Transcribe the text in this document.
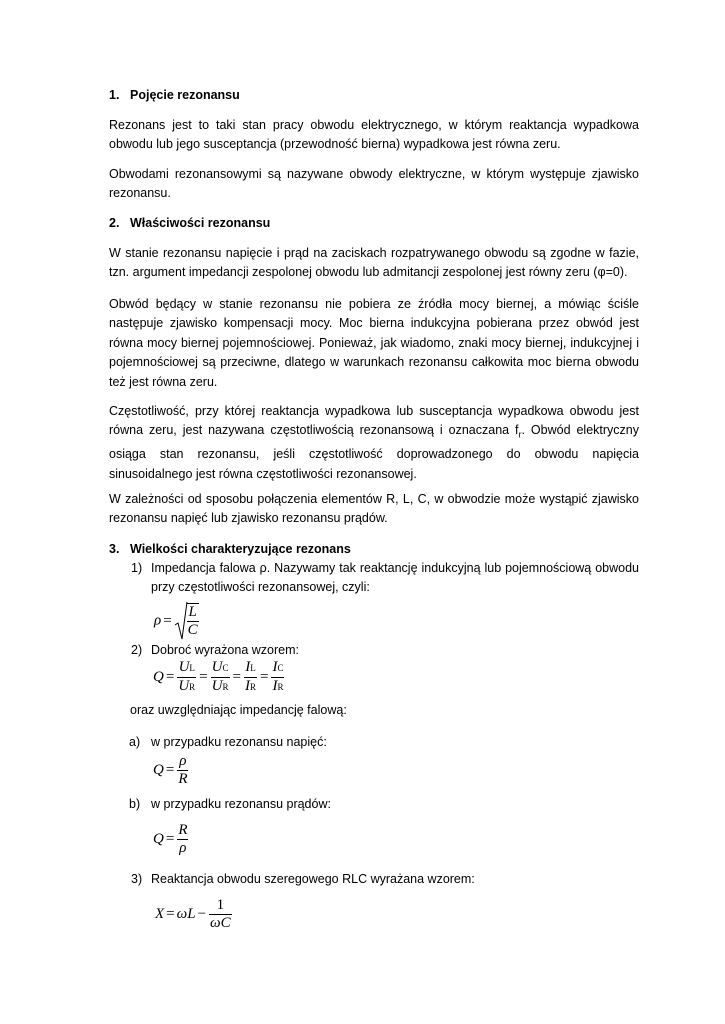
1. Pojęcie rezonansu

Rezonans jest to taki stan pracy obwodu elektrycznego, w którym reaktancja wypadkowa obwodu lub jego susceptancja (przewodność bierna) wypadkowa jest równa zeru.

Obwodami rezonansowymi są nazywane obwody elektryczne, w którym występuje zjawisko rezonansu.

2. Właściwości rezonansu

W stanie rezonansu napięcie i prąd na zaciskach rozpatrywanego obwodu są zgodne w fazie, tzn. argument impedancji zespolonej obwodu lub admitancji zespolonej jest równy zeru (φ=0).

Obwód będący w stanie rezonansu nie pobiera ze źródła mocy biernej, a mówiąc ściśle następuje zjawisko kompensacji mocy. Moc bierna indukcyjna pobierana przez obwód jest równa mocy biernej pojemnościowej. Ponieważ, jak wiadomo, znaki mocy biernej, indukcyjnej i pojemnościowej są przeciwne, dlatego w warunkach rezonansu całkowita moc bierna obwodu też jest równa zeru.

Częstotliwość, przy której reaktancja wypadkowa lub susceptancja wypadkowa obwodu jest równa zeru, jest nazywana częstotliwością rezonansową i oznaczana $f_r$. Obwód elektryczny osiąga stan rezonansu, jeśli częstotliwość doprowadzonego do obwodu napięcia sinusoidalnego jest równa częstotliwości rezonansowej.

W zależności od sposobu połączenia elementów R, L, C, w obwodzie może wystąpić zjawisko rezonansu napięć lub zjawisko rezonansu prądów.

3. Wielkości charakteryzujące rezonans
1) Impedancja falowa ρ. Nazywamy tak reaktancję indukcyjną lub pojemnościową obwodu przy częstotliwości rezonansowej, czyli:
$\rho = \frac{L}{C}$
2) Dobroć wyrażona wzorem:
$Q = \frac{UL}{UR} = \frac{UC}{UR} = \frac{IL}{IR} = \frac{IC}{IR}$
oraz uwzględniając impedancję falową:
a) w przypadku rezonansu napięć:
$Q = \frac{\rho}{R}$
b) w przypadku rezonansu prądów:
$Q = \frac{R}{\rho}$
3) Reaktancja obwodu szeregowego RLC wyrażana wzorem:
$X = \omega L - \frac{1}{\omega C}$
